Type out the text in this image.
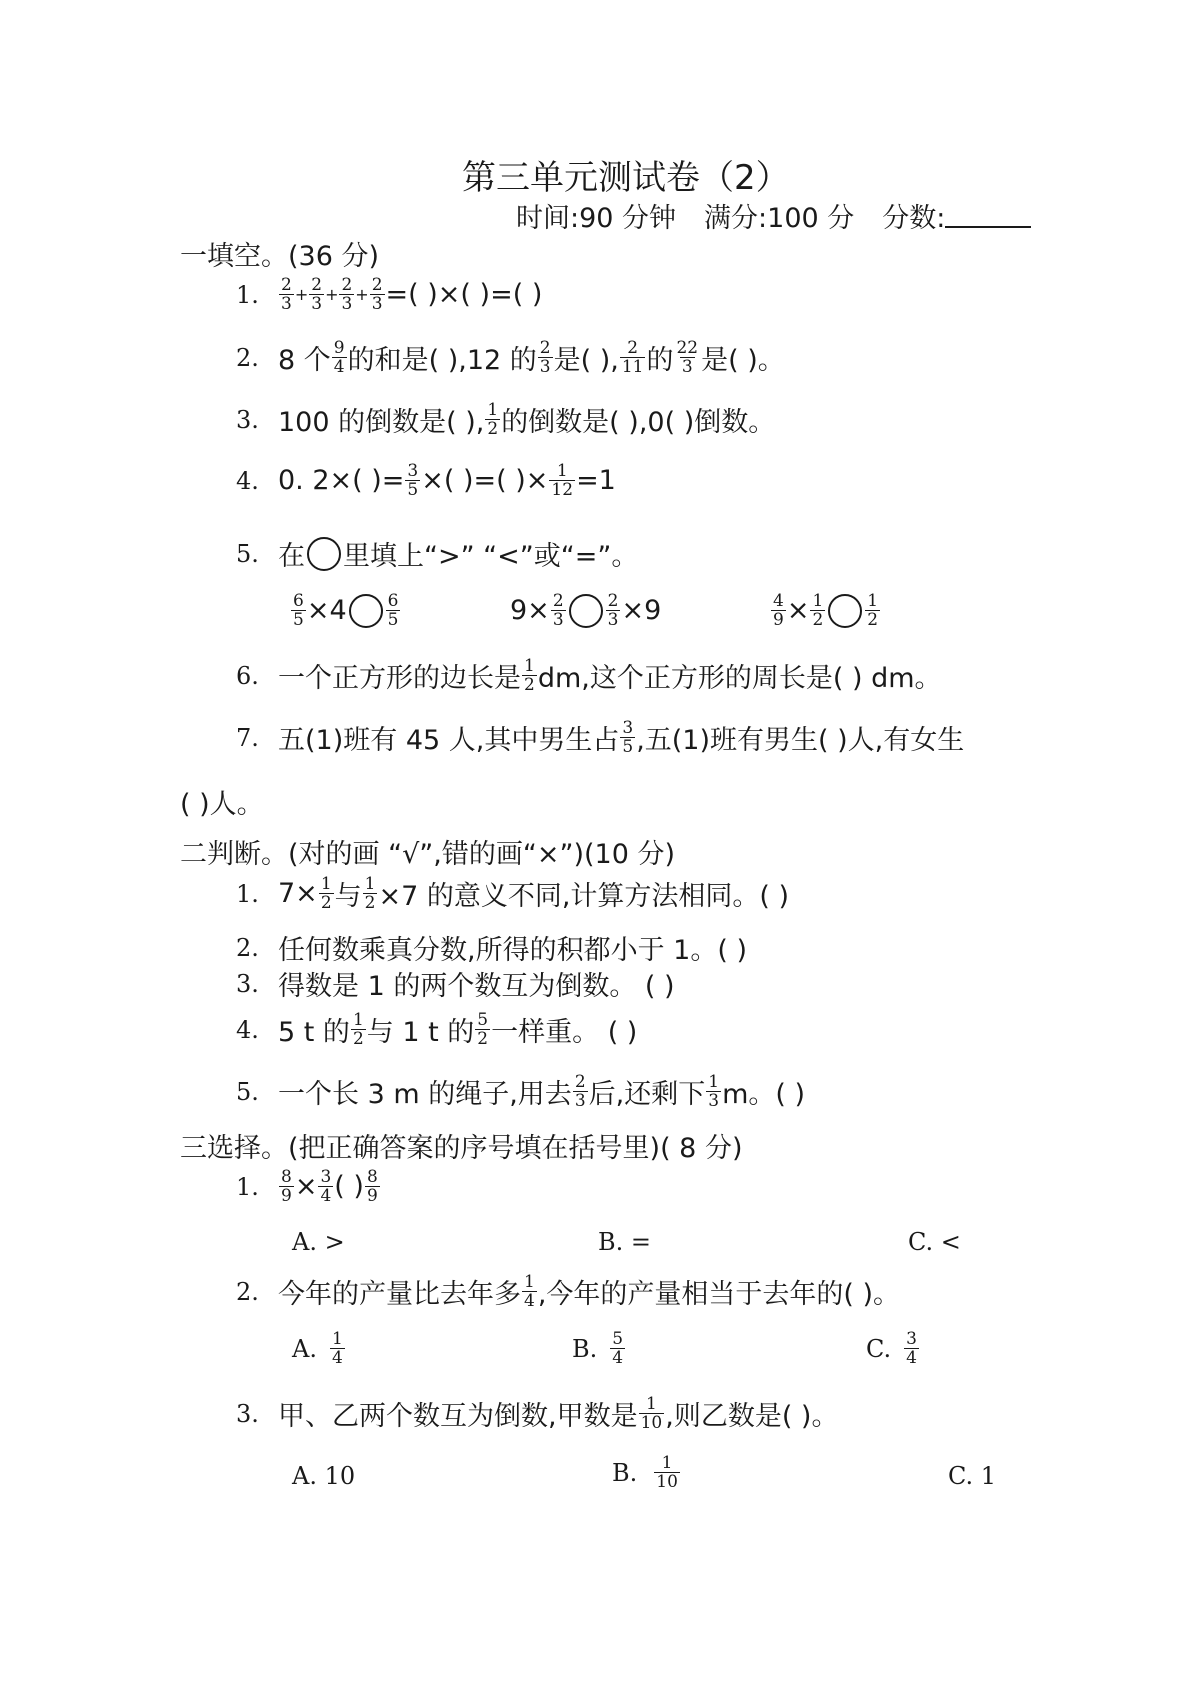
第三单元测试卷（2）
时间:90 分钟 满分:100 分 分数:
一填空。(36 分)
1.	$\frac{2}{3} + \frac{2}{3} + \frac{2}{3} + \frac{2}{3}$ =( )×( )=( )
2. 8 个 $\frac{9}{4}$ 的和是( ),12 的 $\frac{2}{3}$ 是( ), $\frac{2}{11}$ 的 $\frac{22}{3}$ 是( )。
3. 100 的倒数是( ), $\frac{1}{2}$ 的倒数是( ),0( )倒数。
4. 0. 2×( )= $\frac{3}{5}$ ×( )=( )× $\frac{1}{12} =1$
5. 在 里填上“>” “<”或“=”。
$\frac{6}{5} \times 4 \frac{6}{5}$	$9\times \frac{2}{3} \frac{2}{3} \times 9$	$\frac{4}{9} \times \frac{1}{2} \frac{1}{2}$
6. 一个正方形的边长是 $\frac{1}{2}$ dm,这个正方形的周长是( ) dm。
7. 五(1)班有 45 人,其中男生占 $\frac{3}{5}$ ,五(1)班有男生( )人,有女生
( )人。
二判断。(对的画 “√”,错的画“×”)(10 分)
1. $7\times \frac{1}{2}$ 与 $\frac{1}{2} \times 7$ 的意义不同,计算方法相同。( )
2. 任何数乘真分数,所得的积都小于 1。( )
3. 得数是 1 的两个数互为倒数。 ( )
4. 5 t 的 $\frac{1}{2}$ 与 1 t 的 $\frac{5}{2}$ 一样重。 ( )
5. 一个长 3 m 的绳子,用去 $\frac{2}{3}$ 后,还剩下 $\frac{1}{3}$ m。( )
三选择。(把正确答案的序号填在括号里)( 8 分)
1.	$\frac{8}{9} \times \frac{3}{4}$ ( ) $\frac{8}{9}$
A. >	B. =	C. <
2. 今年的产量比去年多 $\frac{1}{4}$ ,今年的产量相当于去年的( )。
A. $\frac{1}{4}$	B. $\frac{5}{4}$	C. $\frac{3}{4}$
3. 甲、乙两个数互为倒数,甲数是 $\frac{1}{10}$ ,则乙数是( )。
A. 10	B. $\frac{1}{10}$	C. 1
